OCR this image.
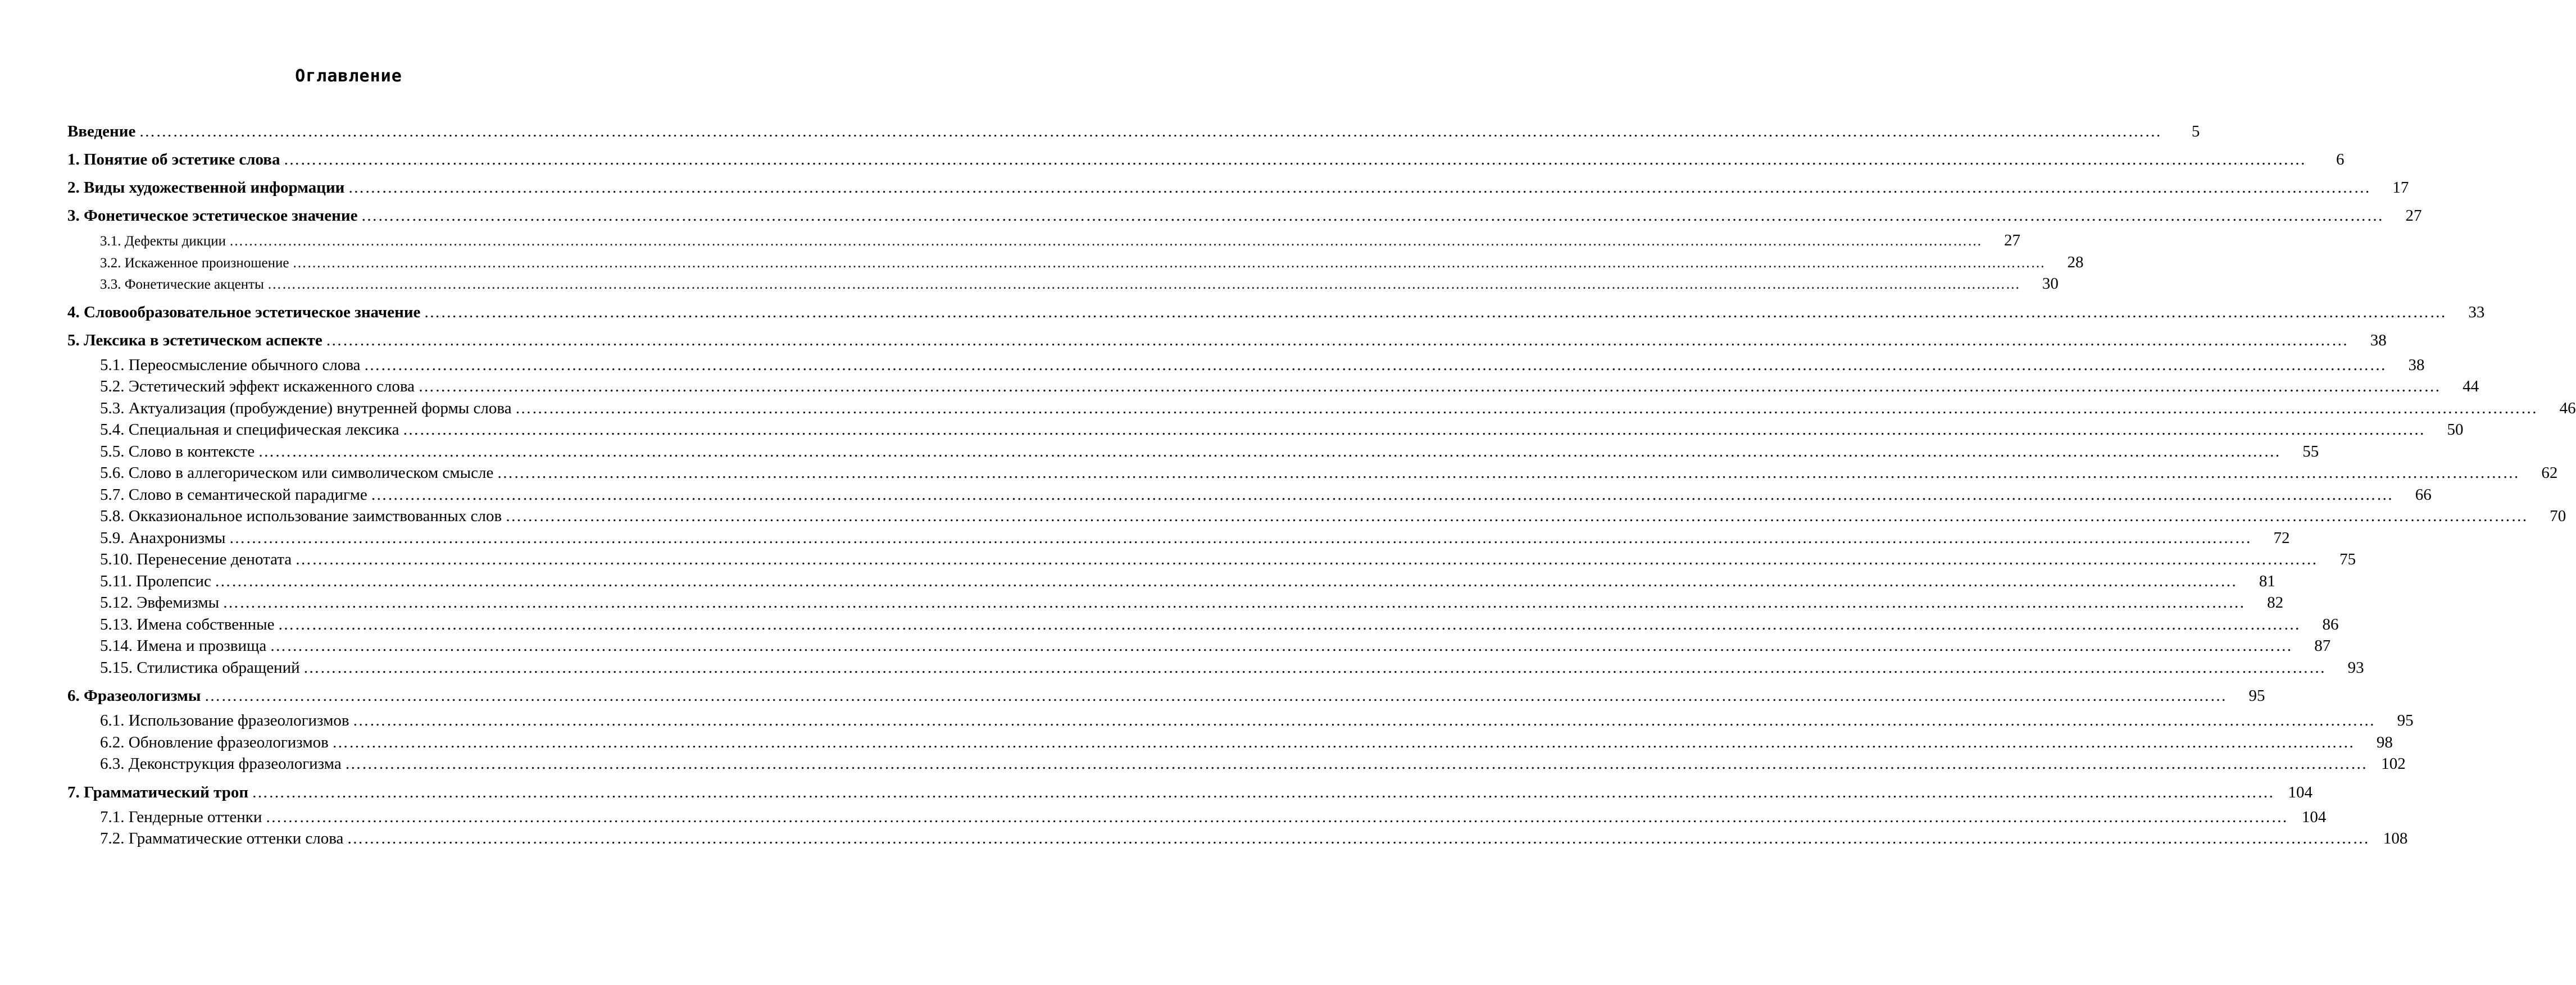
Оглавление
Введение ………………………………………………………………………………………………………………………………………………………………………………………………………………………………………………………………………………………………………………………………	5
1. Понятие об эстетике слова ………………………………………………………………………………………………………………………………………………………………………………………………………………………………………………………………………………………………………………………………	6
2. Виды художественной информации ………………………………………………………………………………………………………………………………………………………………………………………………………………………………………………………………………………………………………………………………	17
3. Фонетическое эстетическое значение ………………………………………………………………………………………………………………………………………………………………………………………………………………………………………………………………………………………………………………………………	27
3.1. Дефекты дикции ………………………………………………………………………………………………………………………………………………………………………………………………………………………………………………………………………………………………………………………………	27
3.2. Искаженное произношение ………………………………………………………………………………………………………………………………………………………………………………………………………………………………………………………………………………………………………………………………	28
3.3. Фонетические акценты ………………………………………………………………………………………………………………………………………………………………………………………………………………………………………………………………………………………………………………………………	30
4. Словообразовательное эстетическое значение ………………………………………………………………………………………………………………………………………………………………………………………………………………………………………………………………………………………………………………………………	33
5. Лексика в эстетическом аспекте ………………………………………………………………………………………………………………………………………………………………………………………………………………………………………………………………………………………………………………………………	38
5.1. Переосмысление обычного слова ………………………………………………………………………………………………………………………………………………………………………………………………………………………………………………………………………………………………………………………………	38
5.2. Эстетический эффект искаженного слова ………………………………………………………………………………………………………………………………………………………………………………………………………………………………………………………………………………………………………………………………	44
5.3. Актуализация (пробуждение) внутренней формы слова ………………………………………………………………………………………………………………………………………………………………………………………………………………………………………………………………………………………………………………………………	46
5.4. Специальная и специфическая лексика ………………………………………………………………………………………………………………………………………………………………………………………………………………………………………………………………………………………………………………………………	50
5.5. Слово в контексте ………………………………………………………………………………………………………………………………………………………………………………………………………………………………………………………………………………………………………………………………	55
5.6. Слово в аллегорическом или символическом смысле ………………………………………………………………………………………………………………………………………………………………………………………………………………………………………………………………………………………………………………………………	62
5.7. Слово в семантической парадигме ………………………………………………………………………………………………………………………………………………………………………………………………………………………………………………………………………………………………………………………………	66
5.8. Окказиональное использование заимствованных слов ………………………………………………………………………………………………………………………………………………………………………………………………………………………………………………………………………………………………………………………………	70
5.9. Анахронизмы ………………………………………………………………………………………………………………………………………………………………………………………………………………………………………………………………………………………………………………………………	72
5.10. Перенесение денотата ………………………………………………………………………………………………………………………………………………………………………………………………………………………………………………………………………………………………………………………………	75
5.11. Пролепсис ………………………………………………………………………………………………………………………………………………………………………………………………………………………………………………………………………………………………………………………………	81
5.12. Эвфемизмы ………………………………………………………………………………………………………………………………………………………………………………………………………………………………………………………………………………………………………………………………	82
5.13. Имена собственные ………………………………………………………………………………………………………………………………………………………………………………………………………………………………………………………………………………………………………………………………	86
5.14. Имена и прозвища ………………………………………………………………………………………………………………………………………………………………………………………………………………………………………………………………………………………………………………………………	87
5.15. Стилистика обращений ………………………………………………………………………………………………………………………………………………………………………………………………………………………………………………………………………………………………………………………………	93
6. Фразеологизмы ………………………………………………………………………………………………………………………………………………………………………………………………………………………………………………………………………………………………………………………………	95
6.1. Использование фразеологизмов ………………………………………………………………………………………………………………………………………………………………………………………………………………………………………………………………………………………………………………………………	95
6.2. Обновление фразеологизмов ………………………………………………………………………………………………………………………………………………………………………………………………………………………………………………………………………………………………………………………………	98
6.3. Деконструкция фразеологизма ……………………………………………………………………………………………………………………………………………………………………………………………………………………………………………………………………………………………………………………………… 102
7. Грамматический троп ……………………………………………………………………………………………………………………………………………………………………………………………………………………………………………………………………………………………………………………………… 104
7.1. Гендерные оттенки ……………………………………………………………………………………………………………………………………………………………………………………………………………………………………………………………………………………………………………………………… 104
7.2. Грамматические оттенки слова ……………………………………………………………………………………………………………………………………………………………………………………………………………………………………………………………………………………………………………………………… 108
